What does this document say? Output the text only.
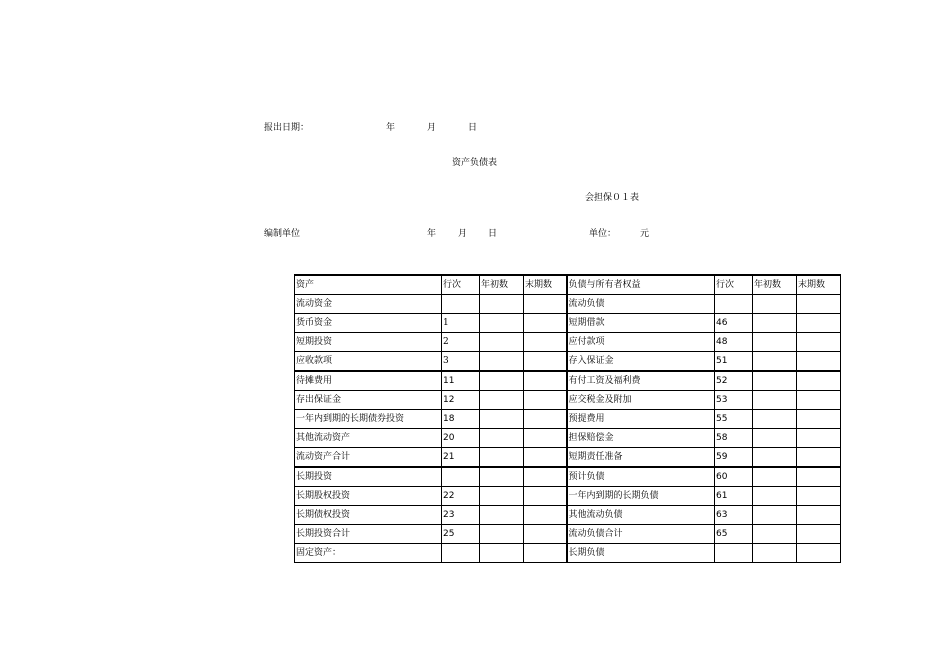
报出日期：	年	月	日
资产负债表
会担保０１表
编制单位	年 月 日	单位：	元
资产	行次	年初数	末期数	负债与所有者权益	行次	年初数	末期数
流动资金				流动负债			
货币资金	1			短期借款	46		
短期投资	2			应付款项	48		
应收款项	3			存入保证金	51		
待摊费用	11			有付工资及福利费	52		
存出保证金	12			应交税金及附加	53		
一年内到期的长期债券投资	18			预提费用	55		
其他流动资产	20			担保赔偿金	58		
流动资产合计	21			短期责任准备	59		
长期投资				预计负债	60		
长期股权投资	22			一年内到期的长期负债	61		
长期债权投资	23			其他流动负债	63		
长期投资合计	25			流动负债合计	65		
固定资产：				长期负债			
